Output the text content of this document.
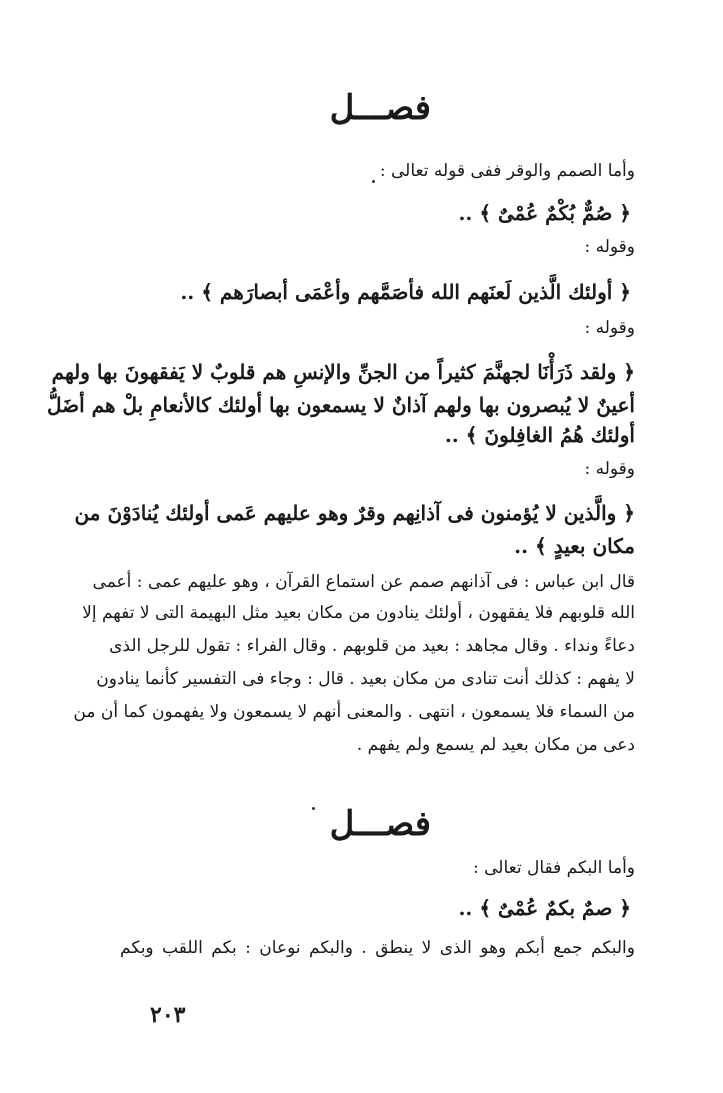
فصـــل
وأما الصمم والوقر ففى قوله تعالى :
﴿ صُمٌّ بُكْمٌ عُمْىٌ ﴾ ..
وقوله :
﴿ أولئك الَّذين لَعنَهم الله فأصَمَّهم وأعْمَى أبصارَهم ﴾ ..
وقوله :
﴿ ولقد ذَرَأْنَا لجهنَّمَ كثيراً من الجنِّ والإنسِ هم قلوبٌ لا يَفقهونَ بها ولهم
أعينٌ لا يُبصرون بها ولهم آذانٌ لا يسمعون بها أولئك كالأنعامِ بلْ هم أضَلُّ
أولئك هُمُ الغافِلونَ ﴾ ..
وقوله :
﴿ والَّذين لا يُؤمنون فى آذانِهم وقرٌ وهو عليهم عَمى أولئك يُنادَوْنَ من
مكان بعيدٍ ﴾ ..
قال ابن عباس : فى آذانهم صمم عن استماع القرآن ، وهو عليهم عمى : أعمى
الله قلوبهم فلا يفقهون ، أولئك ينادون من مكان بعيد مثل البهيمة التى لا تفهم إلا
دعاءً ونداء . وقال مجاهد : بعيد من قلوبهم . وقال الفراء : تقول للرجل الذى
لا يفهم : كذلك أنت تنادى من مكان بعيد . قال : وجاء فى التفسير كأنما ينادون
من السماء فلا يسمعون ، انتهى . والمعنى أنهم لا يسمعون ولا يفهمون كما أن من
دعى من مكان بعيد لم يسمع ولم يفهم .
فصـــل
وأما البكم فقال تعالى :
﴿ صمٌ بكمٌ عُمْىٌ ﴾ ..
والبكم جمع أبكم وهو الذى لا ينطق . والبكم نوعان : بكم اللقب وبكم
٢٠٣
